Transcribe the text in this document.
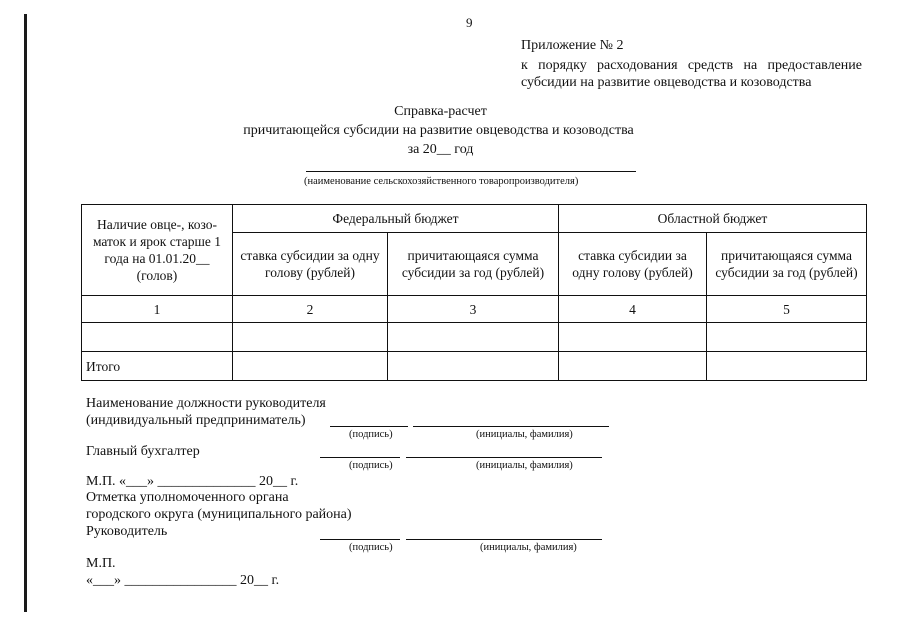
9
Приложение № 2
к порядку расходования средств на предоставление
субсидии на развитие овцеводства и козоводства
Справка-расчет
причитающейся субсидии на развитие овцеводства и козоводства
за 20__ год
(наименование сельскохозяйственного товаропроизводителя)
Наличие овце-, козо-маток и ярок старше 1 года на 01.01.20__ (голов)	Федеральный бюджет		Областной бюджет	
	ставка субсидии за одну голову (рублей)	причитающаяся сумма субсидии за год (рублей)	ставка субсидии за одну голову (рублей)	причитающаяся сумма субсидии за год (рублей)
1	2	3	4	5

Итого				
Наименование должности руководителя
(индивидуальный предприниматель)
(подпись)	(инициалы, фамилия)
Главный бухгалтер
(подпись)	(инициалы, фамилия)
М.П. «___» ______________ 20__ г.
Отметка уполномоченного органа
городского округа (муниципального района)
Руководитель
(подпись)	(инициалы, фамилия)
М.П.
«___» ________________ 20__ г.
